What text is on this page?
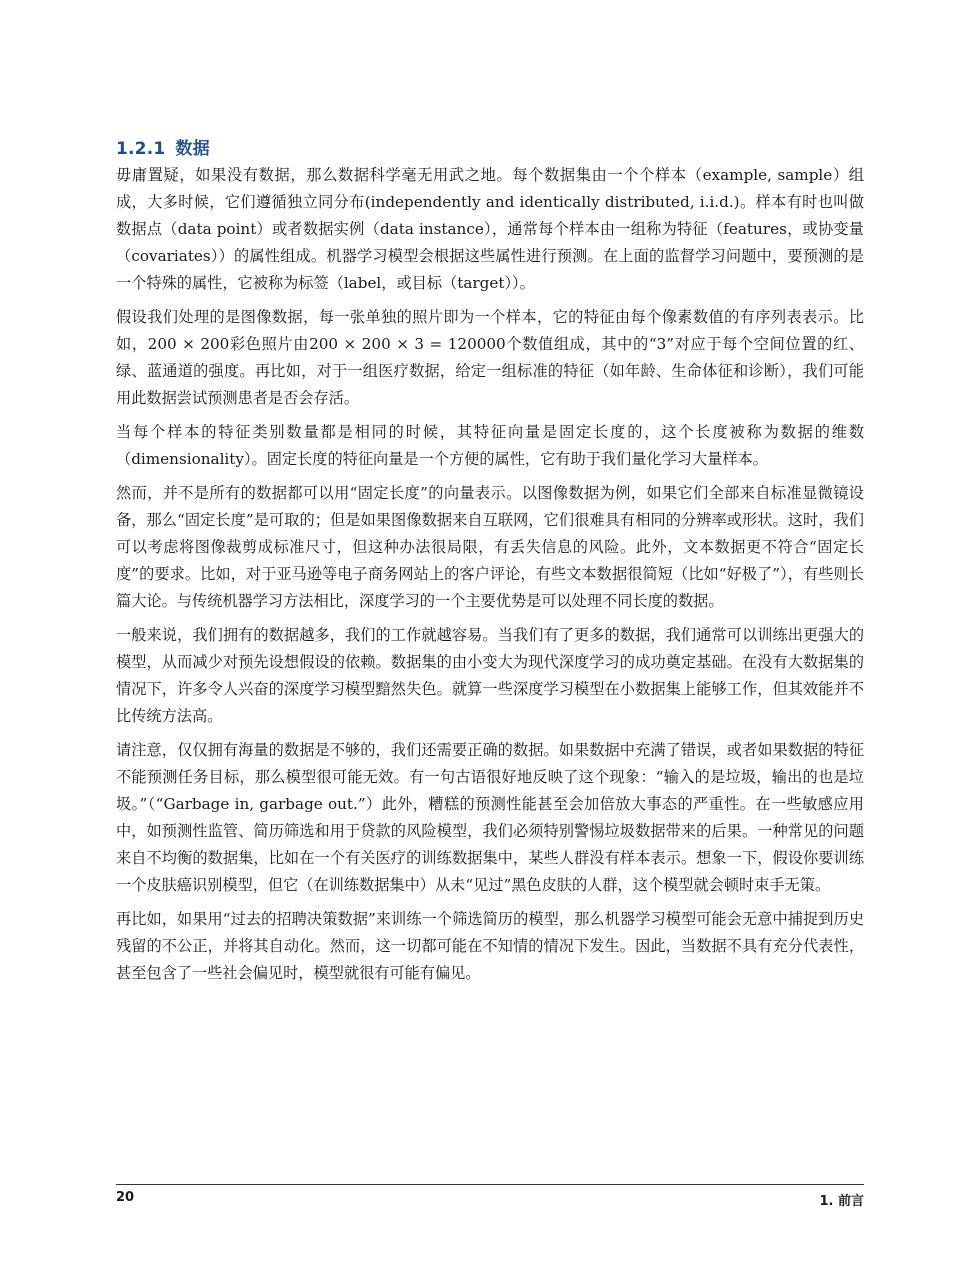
1.2.1 数据

毋庸置疑，如果没有数据，那么数据科学毫无用武之地。每个数据集由一个个样本（example, sample）组成，大多时候，它们遵循独立同分布(independently and identically distributed, i.i.d.)。样本有时也叫做数据点（data point）或者数据实例（data instance），通常每个样本由一组称为特征（features，或协变量（covariates））的属性组成。机器学习模型会根据这些属性进行预测。在上面的监督学习问题中，要预测的是一个特殊的属性，它被称为标签（label，或目标（target））。

假设我们处理的是图像数据，每一张单独的照片即为一个样本，它的特征由每个像素数值的有序列表表示。比如，200 × 200彩色照片由200 × 200 × 3 = 120000个数值组成，其中的“3”对应于每个空间位置的红、绿、蓝通道的强度。再比如，对于一组医疗数据，给定一组标准的特征（如年龄、生命体征和诊断），我们可能用此数据尝试预测患者是否会存活。

当每个样本的特征类别数量都是相同的时候，其特征向量是固定长度的，这个长度被称为数据的维数（dimensionality）。固定长度的特征向量是一个方便的属性，它有助于我们量化学习大量样本。

然而，并不是所有的数据都可以用“固定长度”的向量表示。以图像数据为例，如果它们全部来自标准显微镜设备，那么“固定长度”是可取的；但是如果图像数据来自互联网，它们很难具有相同的分辨率或形状。这时，我们可以考虑将图像裁剪成标准尺寸，但这种办法很局限，有丢失信息的风险。此外，文本数据更不符合“固定长度”的要求。比如，对于亚马逊等电子商务网站上的客户评论，有些文本数据很简短（比如“好极了”），有些则长篇大论。与传统机器学习方法相比，深度学习的一个主要优势是可以处理不同长度的数据。

一般来说，我们拥有的数据越多，我们的工作就越容易。当我们有了更多的数据，我们通常可以训练出更强大的模型，从而减少对预先设想假设的依赖。数据集的由小变大为现代深度学习的成功奠定基础。在没有大数据集的情况下，许多令人兴奋的深度学习模型黯然失色。就算一些深度学习模型在小数据集上能够工作，但其效能并不比传统方法高。

请注意，仅仅拥有海量的数据是不够的，我们还需要正确的数据。如果数据中充满了错误，或者如果数据的特征不能预测任务目标，那么模型很可能无效。有一句古语很好地反映了这个现象：“输入的是垃圾，输出的也是垃圾。”（“Garbage in, garbage out.”）此外，糟糕的预测性能甚至会加倍放大事态的严重性。在一些敏感应用中，如预测性监管、简历筛选和用于贷款的风险模型，我们必须特别警惕垃圾数据带来的后果。一种常见的问题来自不均衡的数据集，比如在一个有关医疗的训练数据集中，某些人群没有样本表示。想象一下，假设你要训练一个皮肤癌识别模型，但它（在训练数据集中）从未“见过”黑色皮肤的人群，这个模型就会顿时束手无策。

再比如，如果用“过去的招聘决策数据”来训练一个筛选简历的模型，那么机器学习模型可能会无意中捕捉到历史残留的不公正，并将其自动化。然而，这一切都可能在不知情的情况下发生。因此，当数据不具有充分代表性，甚至包含了一些社会偏见时，模型就很有可能有偏见。

20	1. 前言
